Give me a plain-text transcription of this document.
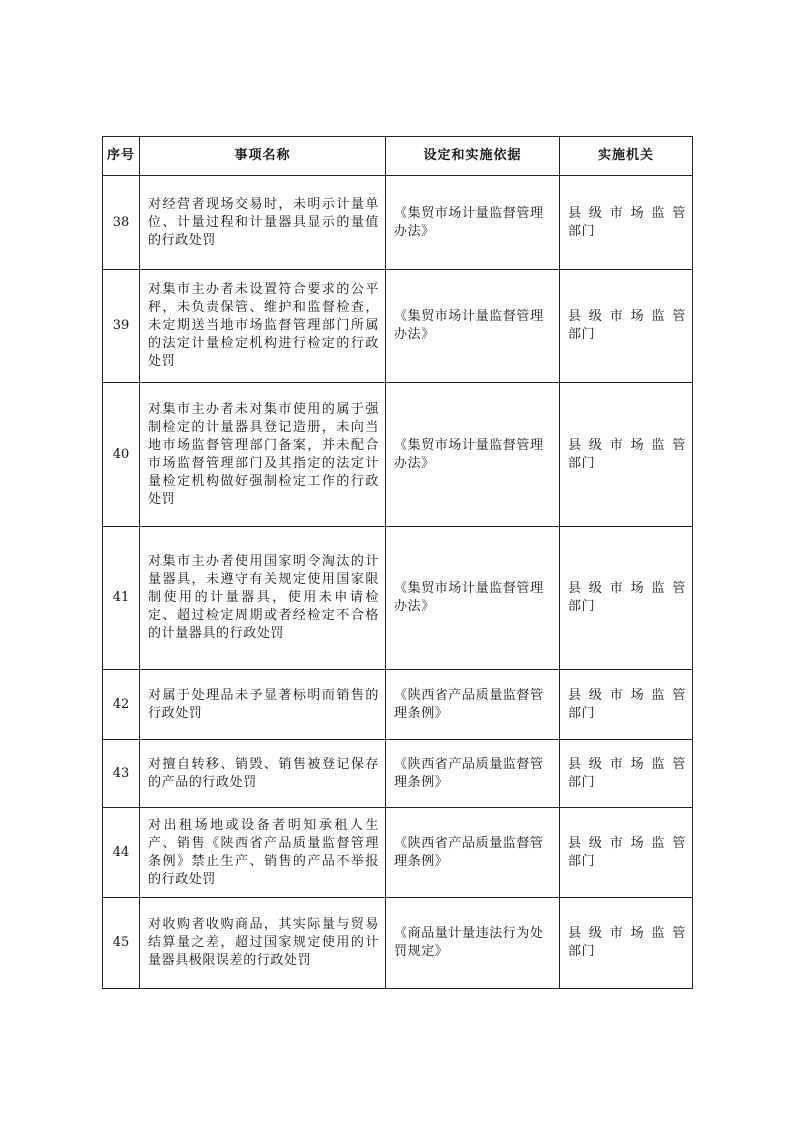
序号	事项名称	设定和实施依据	实施机关
38	对经营者现场交易时，未明示计量单位、计量过程和计量器具显示的量值的行政处罚	《集贸市场计量监督管理办法》	县级市场监管
部门

39	对集市主办者未设置符合要求的公平秤，未负责保管、维护和监督检查，未定期送当地市场监督管理部门所属的法定计量检定机构进行检定的行政处罚	《集贸市场计量监督管理办法》	县级市场监管
部门

40	对集市主办者未对集市使用的属于强制检定的计量器具登记造册，未向当地市场监督管理部门备案，并未配合市场监督管理部门及其指定的法定计量检定机构做好强制检定工作的行政处罚	《集贸市场计量监督管理办法》	县级市场监管
部门

41	对集市主办者使用国家明令淘汰的计量器具，未遵守有关规定使用国家限制使用的计量器具，使用未申请检定、超过检定周期或者经检定不合格的计量器具的行政处罚	《集贸市场计量监督管理办法》	县级市场监管
部门

42	对属于处理品未予显著标明而销售的行政处罚	《陕西省产品质量监督管理条例》	县级市场监管
部门

43	对擅自转移、销毁、销售被登记保存的产品的行政处罚	《陕西省产品质量监督管理条例》	县级市场监管
部门

44	对出租场地或设备者明知承租人生产、销售《陕西省产品质量监督管理条例》禁止生产、销售的产品不举报的行政处罚	《陕西省产品质量监督管理条例》	县级市场监管
部门

45	对收购者收购商品，其实际量与贸易结算量之差，超过国家规定使用的计量器具极限误差的行政处罚	《商品量计量违法行为处罚规定》	县级市场监管
部门
